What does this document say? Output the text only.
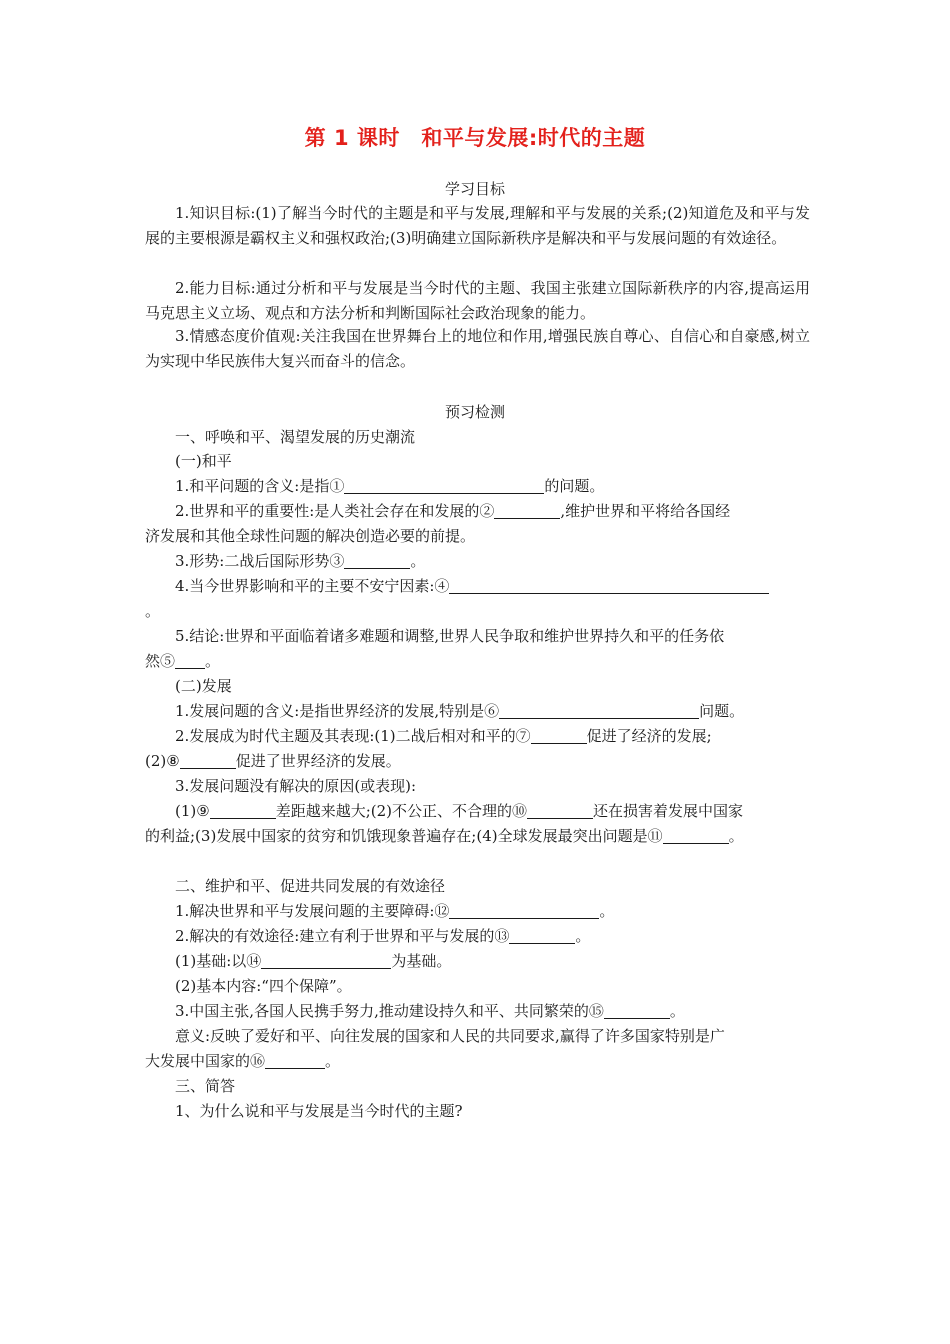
第 1 课时　和平与发展:时代的主题
学习目标
1.知识目标:(1)了解当今时代的主题是和平与发展,理解和平与发展的关系;(2)知道危及和平与发展的主要根源是霸权主义和强权政治;(3)明确建立国际新秩序是解决和平与发展问题的有效途径。
2.能力目标:通过分析和平与发展是当今时代的主题、我国主张建立国际新秩序的内容,提高运用马克思主义立场、观点和方法分析和判断国际社会政治现象的能力。
3.情感态度价值观:关注我国在世界舞台上的地位和作用,增强民族自尊心、自信心和自豪感,树立为实现中华民族伟大复兴而奋斗的信念。
预习检测
一、呼唤和平、渴望发展的历史潮流
(一)和平
1.和平问题的含义:是指①	的问题。
2.世界和平的重要性:是人类社会存在和发展的②	,维护世界和平将给各国经
济发展和其他全球性问题的解决创造必要的前提。
3.形势:二战后国际形势③	。
4.当今世界影响和平的主要不安宁因素:④
。
5.结论:世界和平面临着诸多难题和调整,世界人民争取和维护世界持久和平的任务依
然⑤ 。
(二)发展
1.发展问题的含义:是指世界经济的发展,特别是⑥	问题。
2.发展成为时代主题及其表现:(1)二战后相对和平的⑦	促进了经济的发展;
(2)⑧	促进了世界经济的发展。
3.发展问题没有解决的原因(或表现):
(1)⑨	差距越来越大;(2)不公正、不合理的⑩	还在损害着发展中国家
的利益;(3)发展中国家的贫穷和饥饿现象普遍存在;(4)全球发展最突出问题是⑪	。
二、维护和平、促进共同发展的有效途径
1.解决世界和平与发展问题的主要障碍:⑫	。
2.解决的有效途径:建立有利于世界和平与发展的⑬	。
(1)基础:以⑭	为基础。
(2)基本内容:“四个保障”。
3.中国主张,各国人民携手努力,推动建设持久和平、共同繁荣的⑮	。
意义:反映了爱好和平、向往发展的国家和人民的共同要求,赢得了许多国家特别是广
大发展中国家的⑯	。
三、简答
1、为什么说和平与发展是当今时代的主题?
